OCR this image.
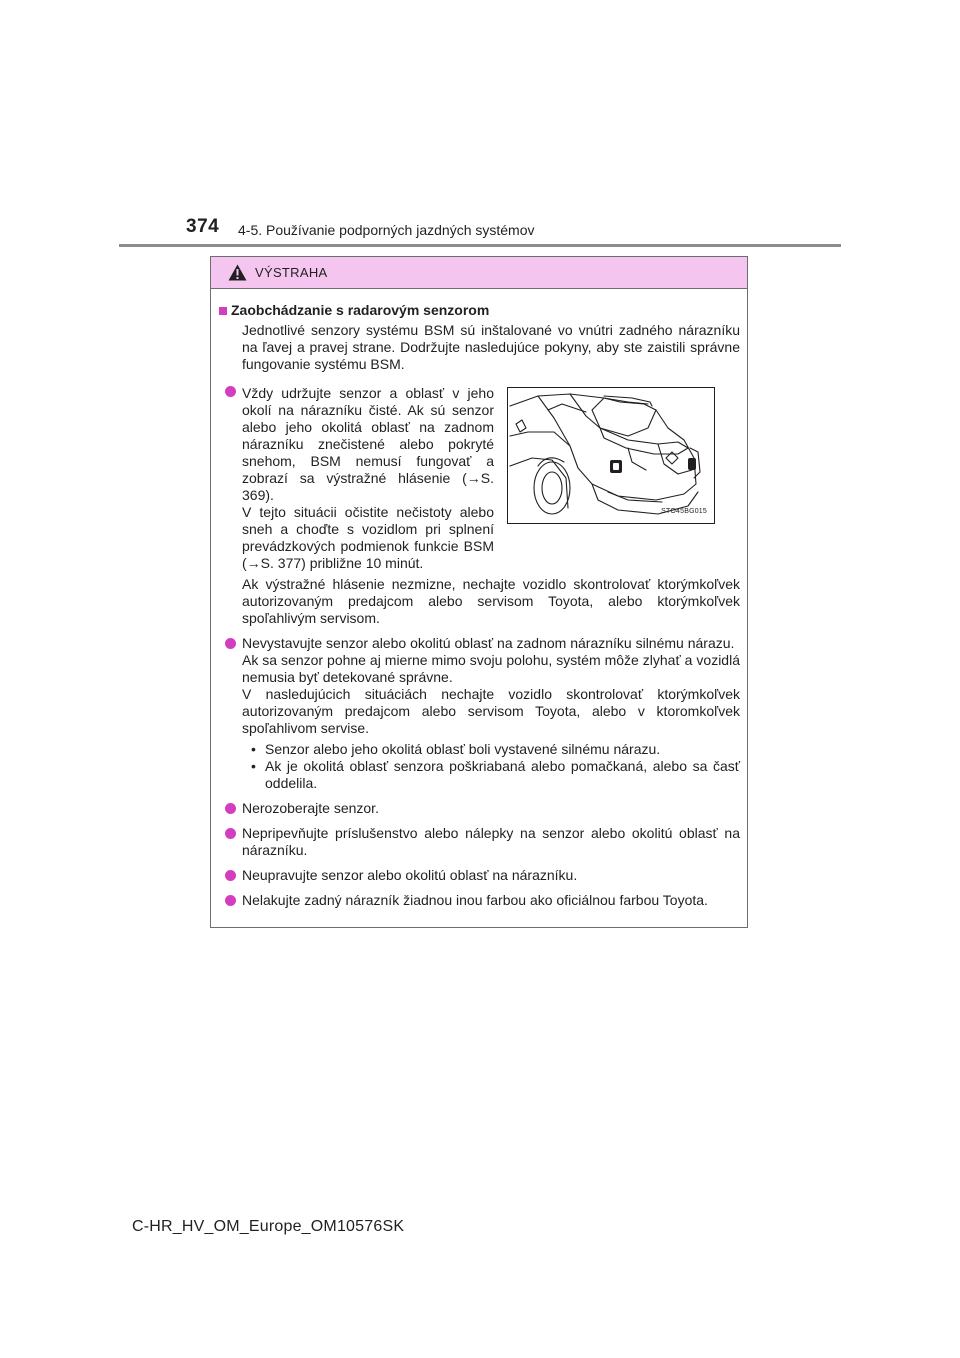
374 4-5. Používanie podporných jazdných systémov
VÝSTRAHA
Zaobchádzanie s radarovým senzorom
Jednotlivé senzory systému BSM sú inštalované vo vnútri zadného nárazníku na ľavej a pravej strane. Dodržujte nasledujúce pokyny, aby ste zaistili správne fungovanie systému BSM.

Vždy udržujte senzor a oblasť v jeho okolí na nárazníku čisté. Ak sú senzor alebo jeho okolitá oblasť na zadnom nárazníku znečistené alebo pokryté snehom, BSM nemusí fungovať a zobrazí sa výstražné hlásenie (→S. 369).

V tejto situácii očistite nečistoty alebo sneh a choďte s vozidlom pri splnení prevádzkových podmienok funkcie BSM (→S. 377) približne 10 minút.

STO45BG015

Ak výstražné hlásenie nezmizne, nechajte vozidlo skontrolovať ktorýmkoľvek autorizovaným predajcom alebo servisom Toyota, alebo ktorýmkoľvek spoľahlivým servisom.

Nevystavujte senzor alebo okolitú oblasť na zadnom nárazníku silnému nárazu.

Ak sa senzor pohne aj mierne mimo svoju polohu, systém môže zlyhať a vozidlá nemusia byť detekované správne.

V nasledujúcich situáciách nechajte vozidlo skontrolovať ktorýmkoľvek autorizovaným predajcom alebo servisom Toyota, alebo v ktoromkoľvek spoľahlivom servise.

• Senzor alebo jeho okolitá oblasť boli vystavené silnému nárazu.
• Ak je okolitá oblasť senzora poškriabaná alebo pomačkaná, alebo sa časť oddelila.
Nerozoberajte senzor.
Nepripevňujte príslušenstvo alebo nálepky na senzor alebo okolitú oblasť na nárazníku.
Neupravujte senzor alebo okolitú oblasť na nárazníku.
Nelakujte zadný nárazník žiadnou inou farbou ako oficiálnou farbou Toyota.
C-HR_HV_OM_Europe_OM10576SK
